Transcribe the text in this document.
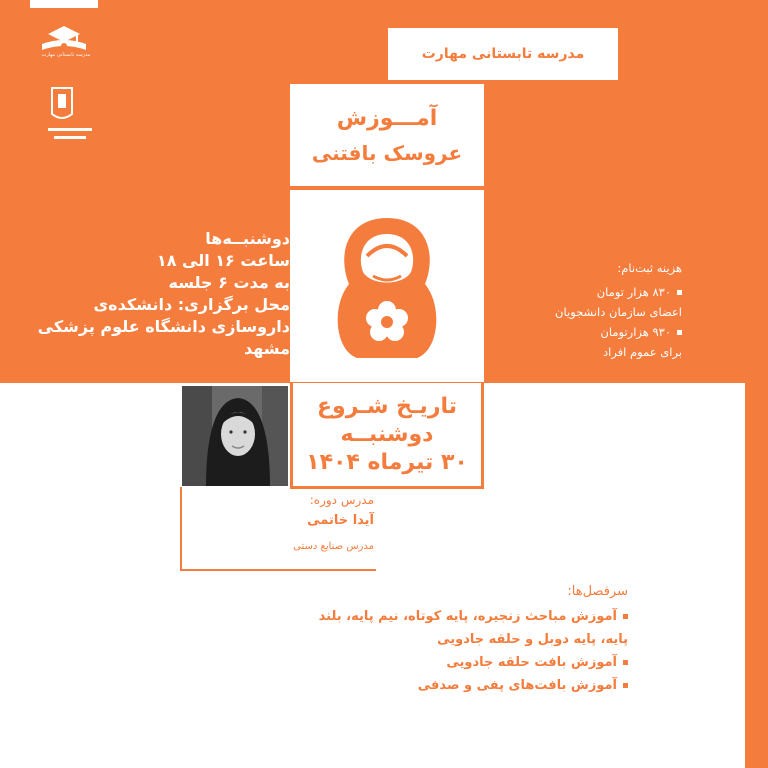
مدرسه تابستانی مهارت	مدرسه تابستانی مهارت
آمـــوزش
عروسک بافتنی
دوشنبــه‌ها
ساعت ۱۶ الی ۱۸
به مدت ۶ جلسه
محل برگزاری: دانشکده‌ی
داروسازی دانشگاه علوم پزشکی
مشهد
هزینه ثبت‌نام:
۸۳۰ هزار تومان
اعضای سازمان دانشجویان
۹۳۰ هزارتومان
برای عموم افراد
تاریـخ شـروع
دوشنبــه
۳۰ تیرماه ۱۴۰۴
مدرس دوره:
آیدا خاتمی
مدرس صنایع دستی
سرفصل‌ها:
آموزش مباحث زنجیره، پایه کوتاه، نیم پایه، بلند
پایه، پایه دوبل و حلقه جادویی
آموزش بافت حلقه جادویی
آموزش بافت‌های پفی و صدفی
